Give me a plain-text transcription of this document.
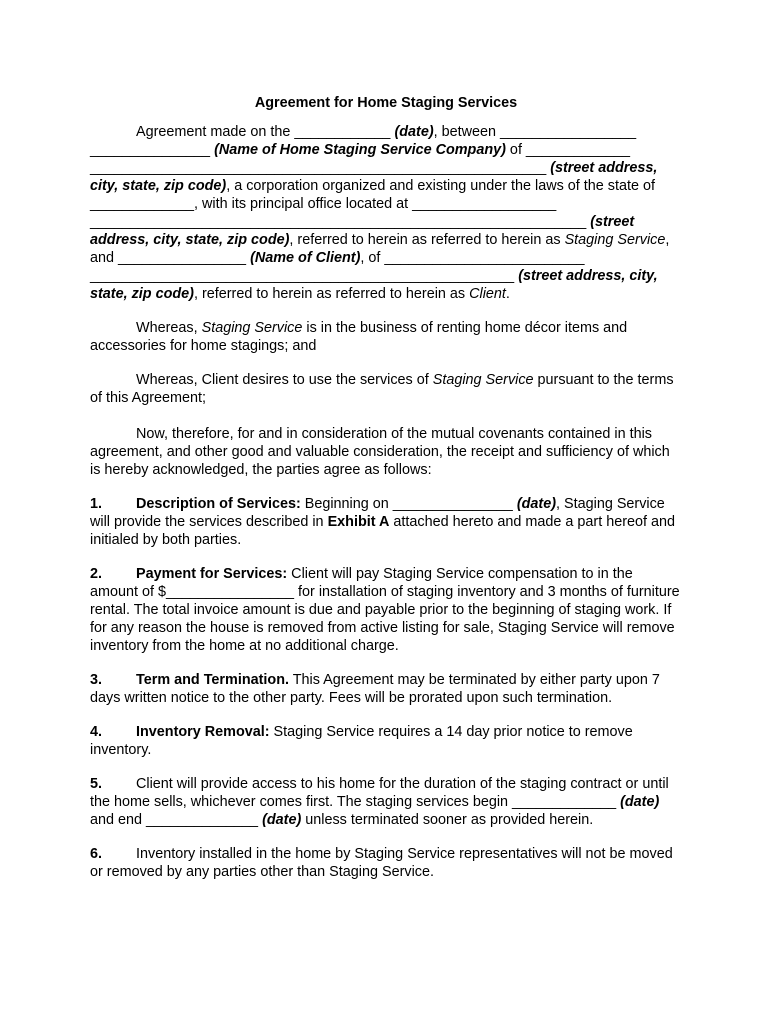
Agreement for Home Staging Services

Agreement made on the ____________ (date), between _________________ _______________ (Name of Home Staging Service Company) of _____________ _________________________________________________________ (street address, city, state, zip code), a corporation organized and existing under the laws of the state of _____________, with its principal office located at __________________ ______________________________________________________________ (street address, city, state, zip code), referred to herein as referred to herein as Staging Service, and ________________ (Name of Client), of _________________________ _____________________________________________________ (street address, city, state, zip code), referred to herein as referred to herein as Client.

Whereas, Staging Service is in the business of renting home décor items and accessories for home stagings; and

Whereas, Client desires to use the services of Staging Service pursuant to the terms of this Agreement;

Now, therefore, for and in consideration of the mutual covenants contained in this agreement, and other good and valuable consideration, the receipt and sufficiency of which is hereby acknowledged, the parties agree as follows:

1. Description of Services: Beginning on _______________ (date), Staging Service will provide the services described in Exhibit A attached hereto and made a part hereof and initialed by both parties.

2. Payment for Services: Client will pay Staging Service compensation to in the amount of $________________ for installation of staging inventory and 3 months of furniture rental. The total invoice amount is due and payable prior to the beginning of staging work. If for any reason the house is removed from active listing for sale, Staging Service will remove inventory from the home at no additional charge.

3. Term and Termination. This Agreement may be terminated by either party upon 7 days written notice to the other party. Fees will be prorated upon such termination.

4. Inventory Removal: Staging Service requires a 14 day prior notice to remove inventory.

5. Client will provide access to his home for the duration of the staging contract or until the home sells, whichever comes first. The staging services begin _____________ (date) and end ______________ (date) unless terminated sooner as provided herein.

6. Inventory installed in the home by Staging Service representatives will not be moved or removed by any parties other than Staging Service.
